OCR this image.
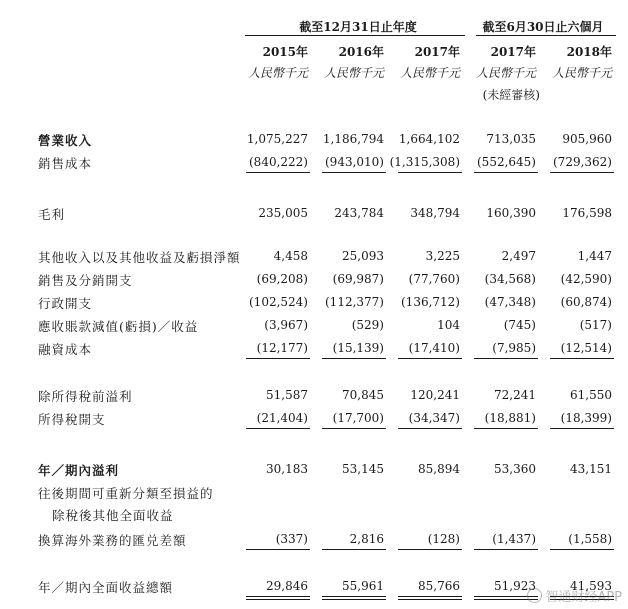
截至12月31日止年度	截至6月30日止六個月
2015年	2016年	2017年	2017年	2018年
人民幣千元	人民幣千元	人民幣千元	人民幣千元	人民幣千元
(未經審核)
營業收入	1,075,227	1,186,794	1,664,102	713,035	905,960
銷售成本	(840,222)	(943,010) (1,315,308)	(552,645)	(729,362)
毛利	235,005	243,784	348,794	160,390	176,598
其他收入以及其他收益及虧損淨額	4,458	25,093	3,225	2,497	1,447
銷售及分銷開支	(69,208)	(69,987)	(77,760)	(34,568)	(42,590)
行政開支	(102,524)	(112,377)	(136,712)	(47,348)	(60,874)
應收賬款減值(虧損)／收益	(3,967)	(529)	104	(745)	(517)
融資成本	(12,177)	(15,139)	(17,410)	(7,985)	(12,514)
除所得稅前溢利	51,587	70,845	120,241	72,241	61,550
所得稅開支	(21,404)	(17,700)	(34,347)	(18,881)	(18,399)
年／期內溢利	30,183	53,145	85,894	53,360	43,151
往後期間可重新分類至損益的
除稅後其他全面收益
換算海外業務的匯兑差額	(337)	2,816	(128)	(1,437)	(1,558)
年／期內全面收益總額	29,846	55,961	85,766	51,923	41,593
智通财经APP
